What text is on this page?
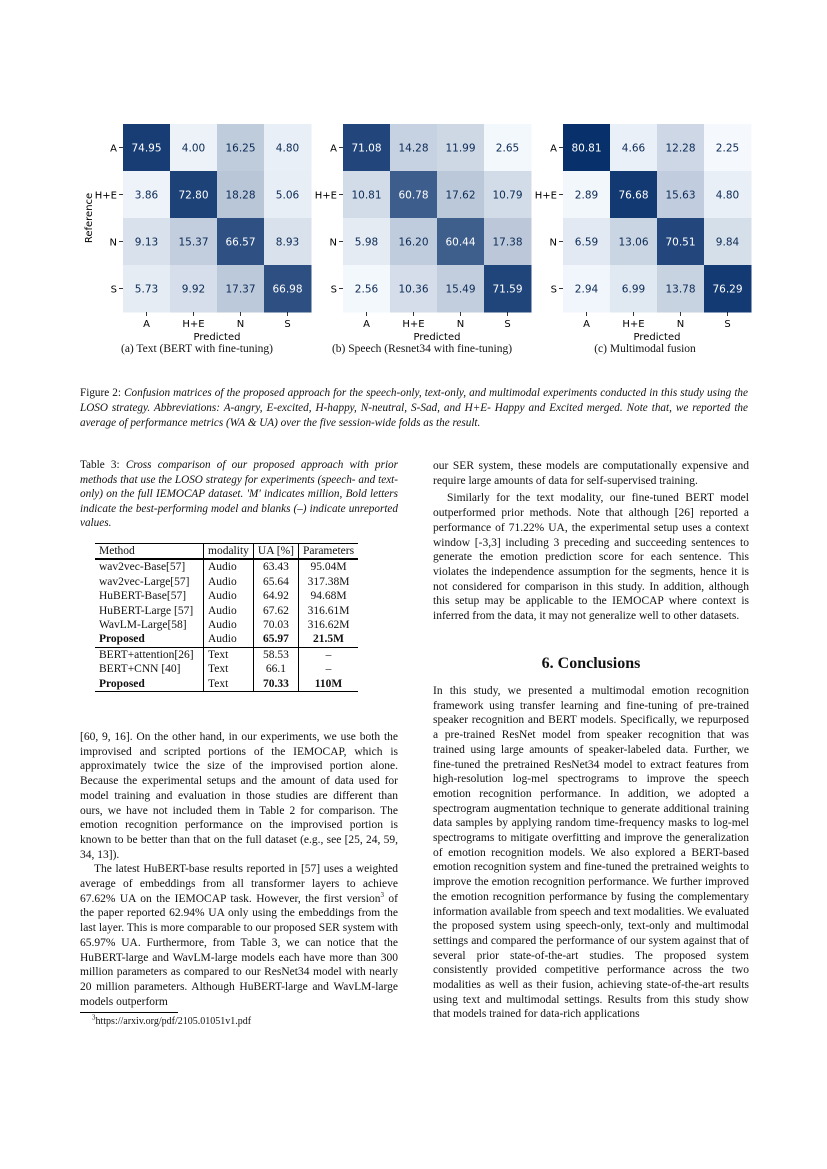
74.95 4.00 16.25 4.80
3.86 72.80 18.28 5.06
9.13 15.37 66.57 8.93
5.73 9.92 17.37 66.98
A
H+E
N
S
A	H+E	N	S
Predicted
Reference
71.08 14.28 11.99 2.65
10.81 60.78 17.62 10.79
5.98 16.20 60.44 17.38
2.56 10.36 15.49 71.59
A
H+E
N
S
A	H+E	N	S
Predicted
80.81 4.66 12.28 2.25
2.89 76.68 15.63 4.80
6.59 13.06 70.51 9.84
2.94 6.99 13.78 76.29
A
H+E
N
S
A	H+E	N	S
Predicted
(a) Text (BERT with fine-tuning)	(b) Speech (Resnet34 with fine-tuning)	(c) Multimodal fusion
Figure 2: Confusion matrices of the proposed approach for the speech-only, text-only, and multimodal experiments conducted in this study using the LOSO strategy. Abbreviations: A-angry, E-excited, H-happy, N-neutral, S-Sad, and H+E- Happy and Excited merged. Note that, we reported the average of performance metrics (WA & UA) over the five session-wide folds as the result.
Table 3: Cross comparison of our proposed approach with prior methods that use the LOSO strategy for experiments (speech- and text-only) on the full IEMOCAP dataset. 'M' indicates million, Bold letters indicate the best-performing model and blanks (–) indicate unreported values.
Method	modality	UA [%]	Parameters
wav2vec-Base[57]	Audio	63.43	95.04M
wav2vec-Large[57]	Audio	65.64	317.38M
HuBERT-Base[57]	Audio	64.92	94.68M
HuBERT-Large [57]	Audio	67.62	316.61M
WavLM-Large[58]	Audio	70.03	316.62M
Proposed	Audio	65.97	21.5M
BERT+attention[26]	Text	58.53	–
BERT+CNN [40]	Text	66.1	–
Proposed	Text	70.33	110M

[60, 9, 16]. On the other hand, in our experiments, we use both the improvised and scripted portions of the IEMOCAP, which is approximately twice the size of the improvised portion alone. Because the experimental setups and the amount of data used for model training and evaluation in those studies are different than ours, we have not included them in Table 2 for comparison. The emotion recognition performance on the improvised portion is known to be better than that on the full dataset (e.g., see [25, 24, 59, 34, 13]).

The latest HuBERT-base results reported in [57] uses a weighted average of embeddings from all transformer layers to achieve 67.62% UA on the IEMOCAP task. However, the first version$^3$ of the paper reported 62.94% UA only using the embeddings from the last layer. This is more comparable to our proposed SER system with 65.97% UA. Furthermore, from Table 3, we can notice that the HuBERT-large and WavLM-large models each have more than 300 million parameters as compared to our ResNet34 model with nearly 20 million parameters. Although HuBERT-large and WavLM-large models outperform

$^3$https://arxiv.org/pdf/2105.01051v1.pdf

our SER system, these models are computationally expensive and require large amounts of data for self-supervised training.

Similarly for the text modality, our fine-tuned BERT model outperformed prior methods. Note that although [26] reported a performance of 71.22% UA, the experimental setup uses a context window [-3,3] including 3 preceding and succeeding sentences to generate the emotion prediction score for each sentence. This violates the independence assumption for the segments, hence it is not considered for comparison in this study. In addition, although this setup may be applicable to the IEMOCAP where context is inferred from the data, it may not generalize well to other datasets.

6. Conclusions

In this study, we presented a multimodal emotion recognition framework using transfer learning and fine-tuning of pre-trained speaker recognition and BERT models. Specifically, we repurposed a pre-trained ResNet model from speaker recognition that was trained using large amounts of speaker-labeled data. Further, we fine-tuned the pretrained ResNet34 model to extract features from high-resolution log-mel spectrograms to improve the speech emotion recognition performance. In addition, we adopted a spectrogram augmentation technique to generate additional training data samples by applying random time-frequency masks to log-mel spectrograms to mitigate overfitting and improve the generalization of emotion recognition models. We also explored a BERT-based emotion recognition system and fine-tuned the pretrained weights to improve the emotion recognition performance. We further improved the emotion recognition performance by fusing the complementary information available from speech and text modalities. We evaluated the proposed system using speech-only, text-only and multimodal settings and compared the performance of our system against that of several prior state-of-the-art studies. The proposed system consistently provided competitive performance across the two modalities as well as their fusion, achieving state-of-the-art results using text and multimodal settings. Results from this study show that models trained for data-rich applications
